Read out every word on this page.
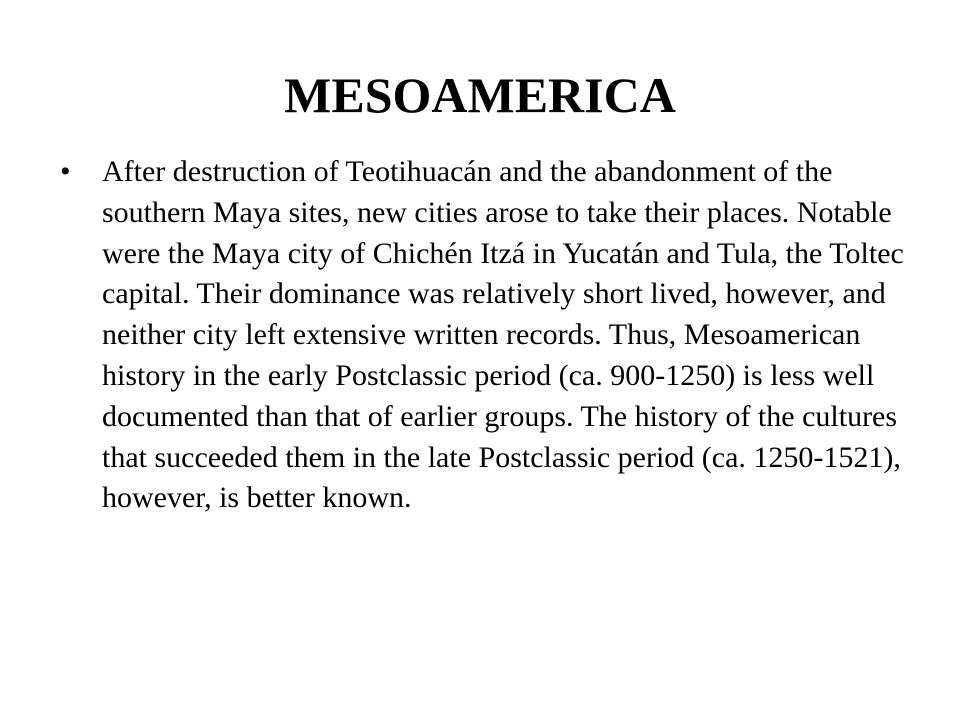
MESOAMERICA
• After destruction of Teotihuacán and the abandonment of the southern Maya sites, new cities arose to take their places. Notable were the Maya city of Chichén Itzá in Yucatán and Tula, the Toltec capital. Their dominance was relatively short lived, however, and neither city left extensive written records. Thus, Mesoamerican history in the early Postclassic period (ca. 900-1250) is less well documented than that of earlier groups. The history of the cultures that succeeded them in the late Postclassic period (ca. 1250-1521), however, is better known.
